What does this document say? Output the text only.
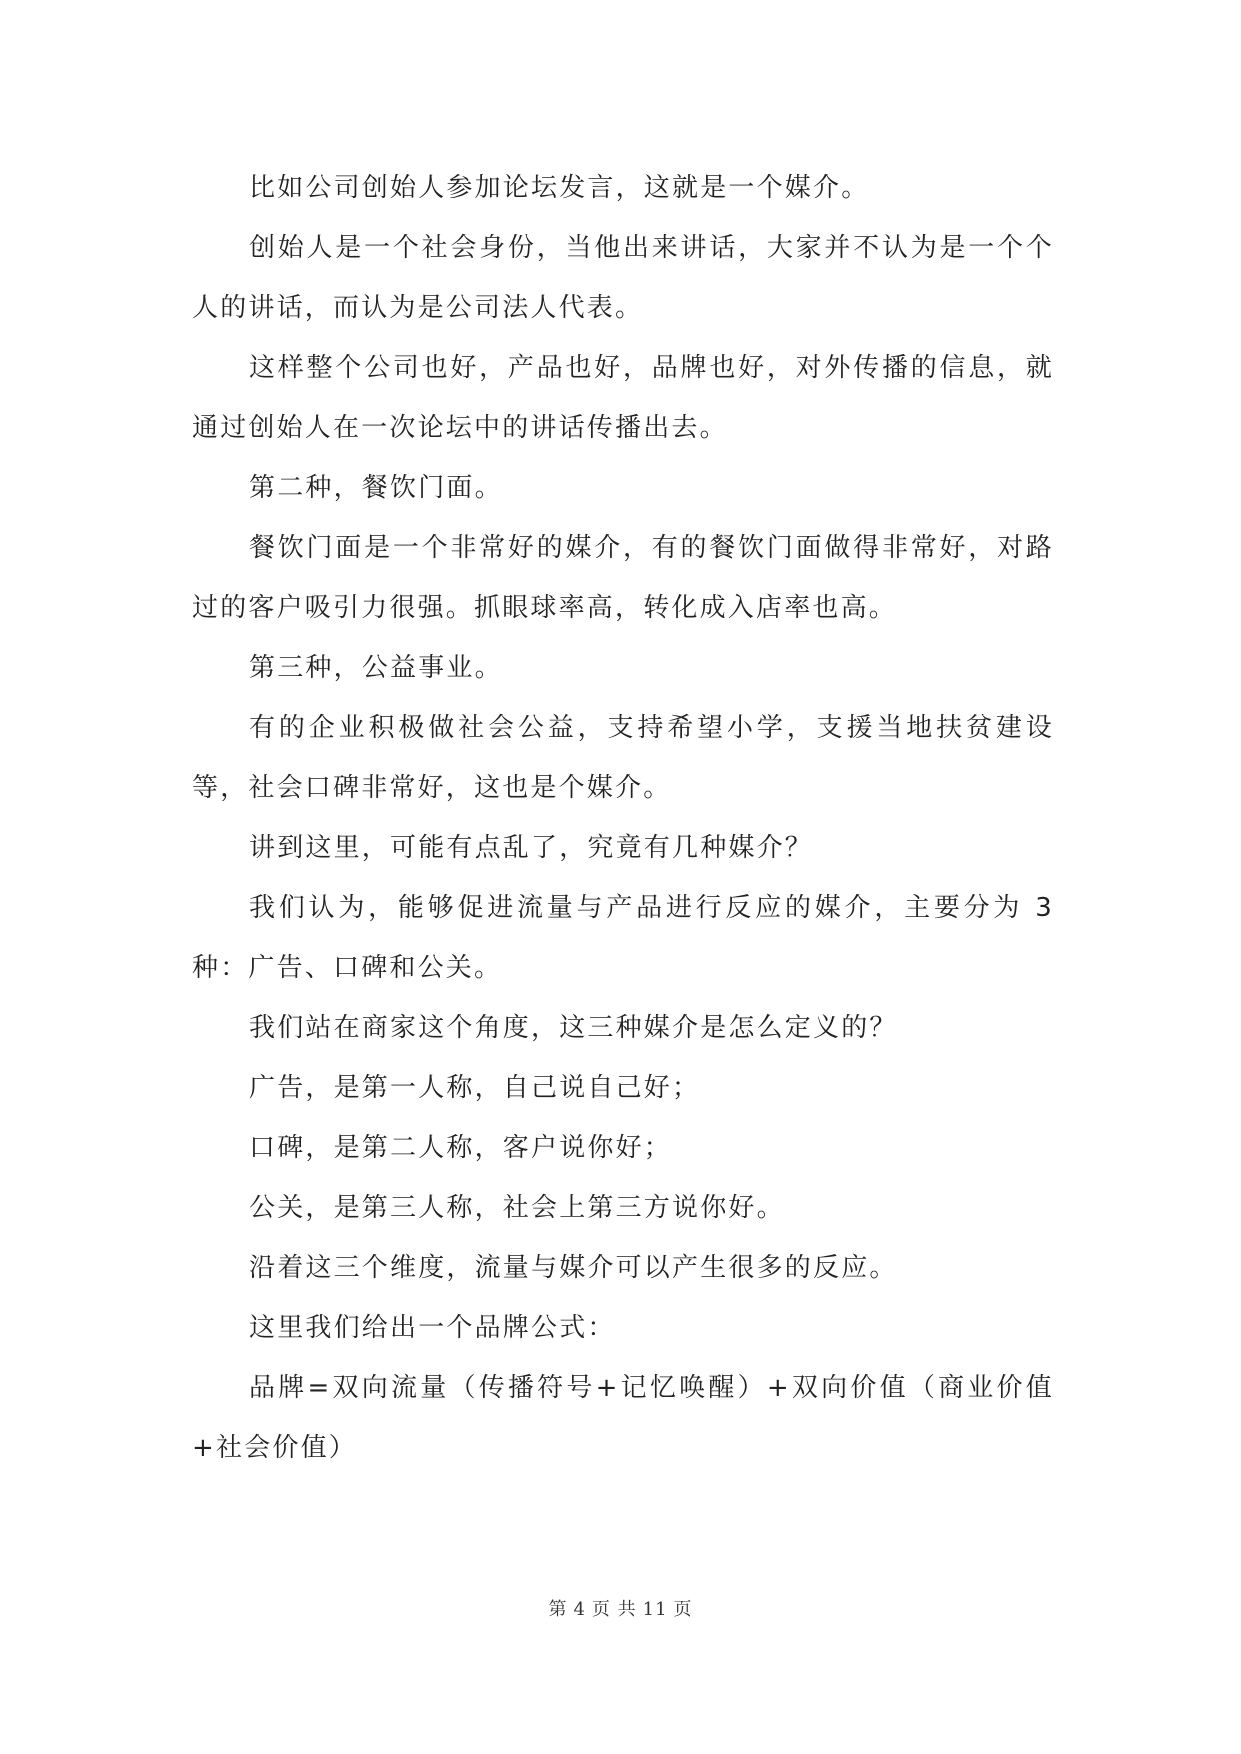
比如公司创始人参加论坛发言，这就是一个媒介。

创始人是一个社会身份，当他出来讲话，大家并不认为是一个个人的讲话，而认为是公司法人代表。

这样整个公司也好，产品也好，品牌也好，对外传播的信息，就通过创始人在一次论坛中的讲话传播出去。

第二种，餐饮门面。

餐饮门面是一个非常好的媒介，有的餐饮门面做得非常好，对路过的客户吸引力很强。抓眼球率高，转化成入店率也高。

第三种，公益事业。

有的企业积极做社会公益，支持希望小学，支援当地扶贫建设等，社会口碑非常好，这也是个媒介。

讲到这里，可能有点乱了，究竟有几种媒介？

我们认为，能够促进流量与产品进行反应的媒介，主要分为 3 种：广告、口碑和公关。

我们站在商家这个角度，这三种媒介是怎么定义的？

广告，是第一人称，自己说自己好；

口碑，是第二人称，客户说你好；

公关，是第三人称，社会上第三方说你好。

沿着这三个维度，流量与媒介可以产生很多的反应。

这里我们给出一个品牌公式：

品牌=双向流量（传播符号+记忆唤醒）+双向价值（商业价值+社会价值）

第 4 页 共 11 页
